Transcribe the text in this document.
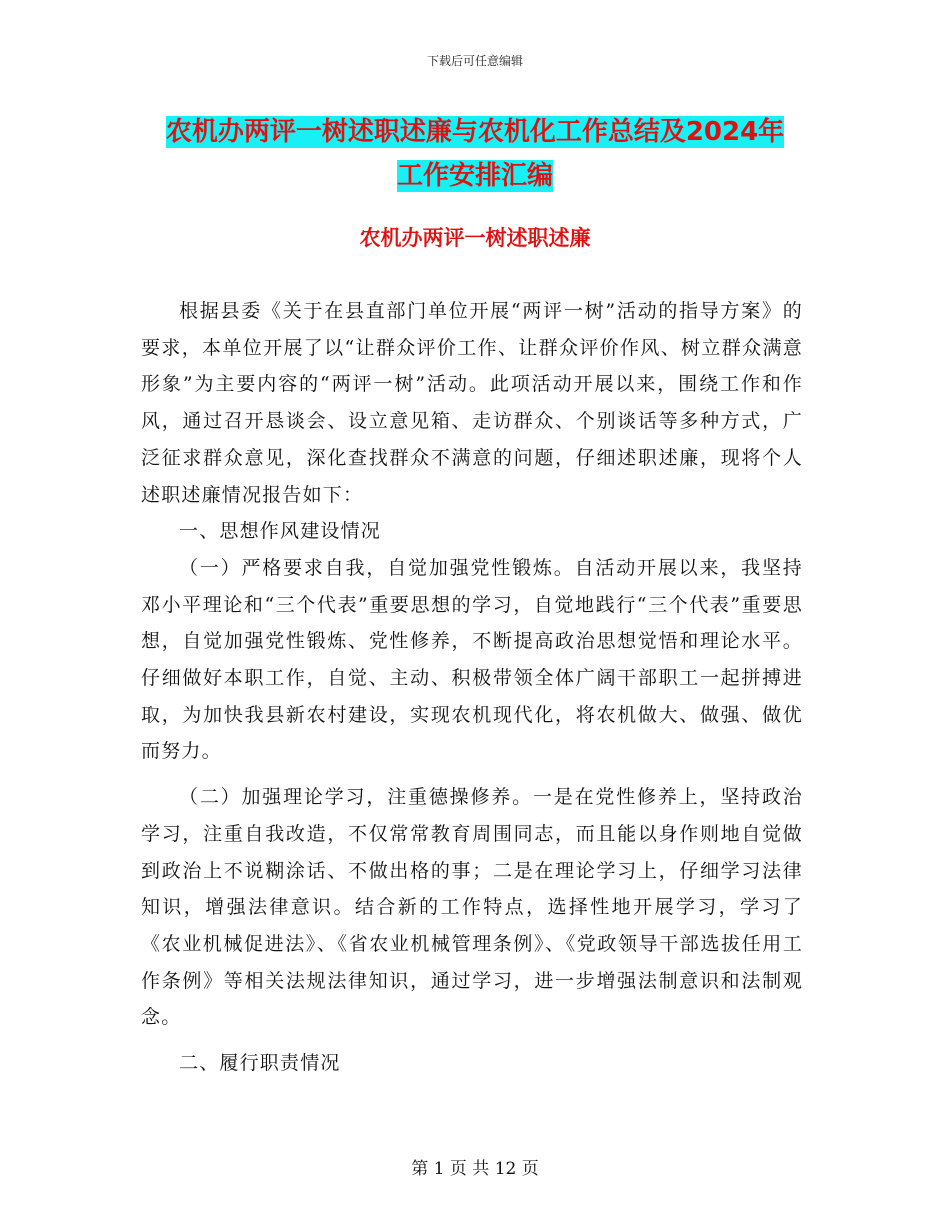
下载后可任意编辑
农机办两评一树述职述廉与农机化工作总结及2024年
工作安排汇编
农机办两评一树述职述廉

根据县委《关于在县直部门单位开展“两评一树”活动的指导方案》的要求，本单位开展了以“让群众评价工作、让群众评价作风、树立群众满意形象”为主要内容的“两评一树”活动。此项活动开展以来，围绕工作和作风，通过召开恳谈会、设立意见箱、走访群众、个别谈话等多种方式，广泛征求群众意见，深化查找群众不满意的问题，仔细述职述廉，现将个人述职述廉情况报告如下：

一、思想作风建设情况

（一）严格要求自我，自觉加强党性锻炼。自活动开展以来，我坚持邓小平理论和“三个代表”重要思想的学习，自觉地践行“三个代表”重要思想，自觉加强党性锻炼、党性修养，不断提高政治思想觉悟和理论水平。仔细做好本职工作，自觉、主动、积极带领全体广阔干部职工一起拼搏进取，为加快我县新农村建设，实现农机现代化，将农机做大、做强、做优而努力。

（二）加强理论学习，注重德操修养。一是在党性修养上，坚持政治学习，注重自我改造，不仅常常教育周围同志，而且能以身作则地自觉做到政治上不说糊涂话、不做出格的事；二是在理论学习上，仔细学习法律知识，增强法律意识。结合新的工作特点，选择性地开展学习，学习了《农业机械促进法》、《省农业机械管理条例》、《党政领导干部选拔任用工作条例》等相关法规法律知识，通过学习，进一步增强法制意识和法制观念。

二、履行职责情况

第 1 页 共 12 页
